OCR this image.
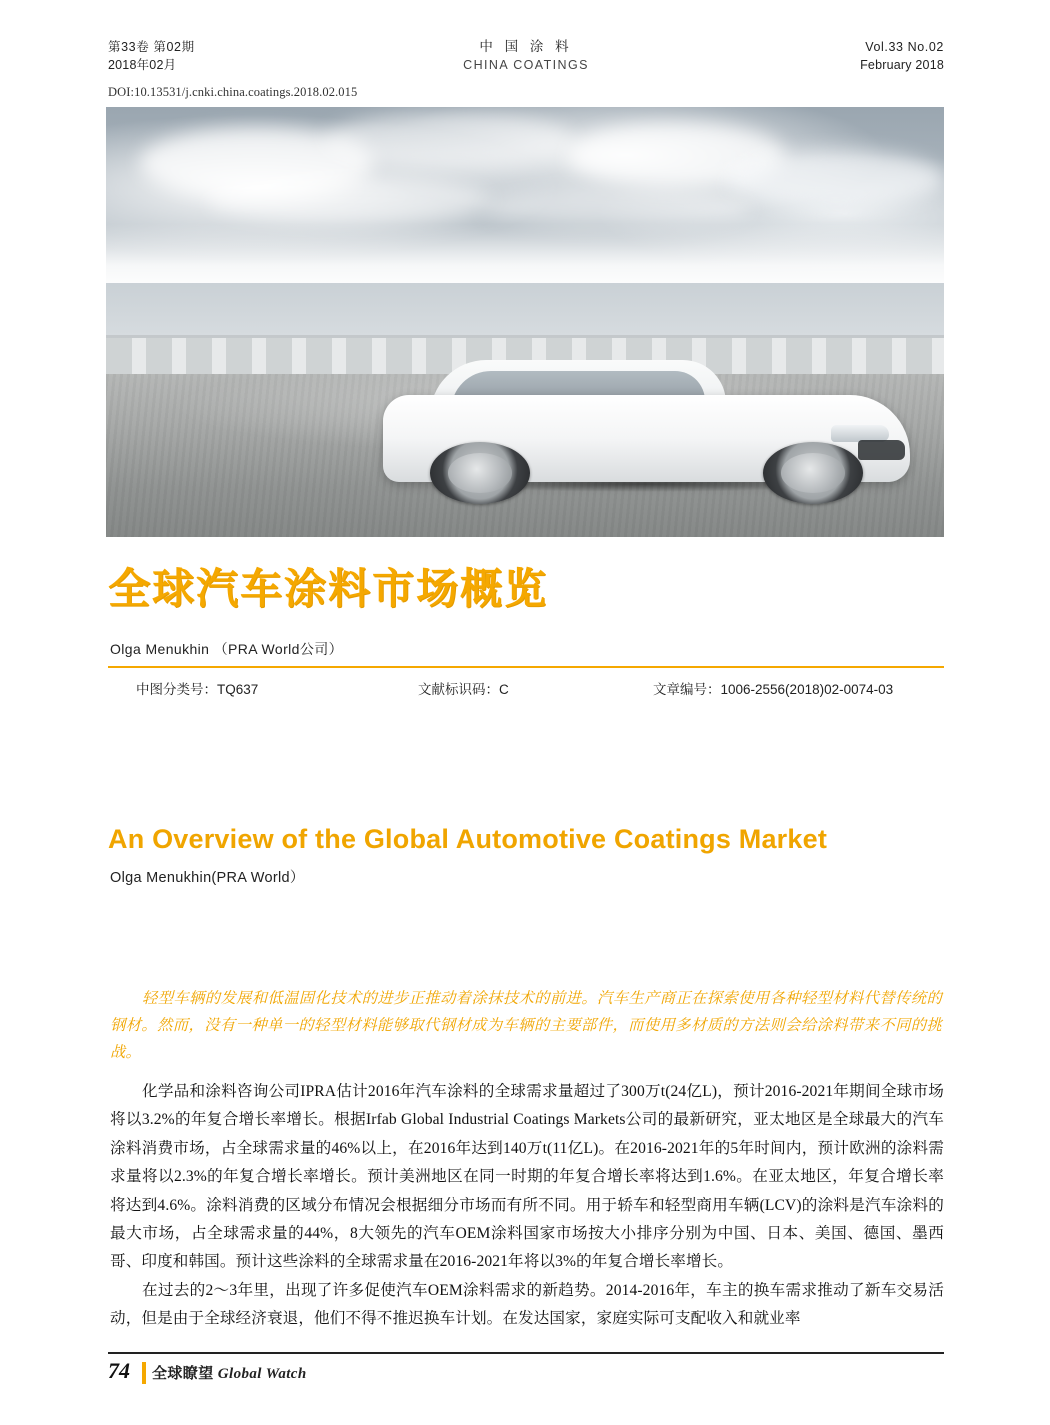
第33卷 第02期
2018年02月
中 国 涂 料
CHINA COATINGS
Vol.33 No.02
February 2018
DOI:10.13531/j.cnki.china.coatings.2018.02.015
全球汽车涂料市场概览
Olga Menukhin （PRA World公司）
中图分类号：TQ637	文献标识码：C	文章编号：1006-2556(2018)02-0074-03
An Overview of the Global Automotive Coatings Market
Olga Menukhin(PRA World）
轻型车辆的发展和低温固化技术的进步正推动着涂抹技术的前进。汽车生产商正在探索使用各种轻型材料代替传统的钢材。然而，没有一种单一的轻型材料能够取代钢材成为车辆的主要部件，而使用多材质的方法则会给涂料带来不同的挑战。

化学品和涂料咨询公司IPRA估计2016年汽车涂料的全球需求量超过了300万t(24亿L)，预计2016-2021年期间全球市场将以3.2%的年复合增长率增长。根据Irfab Global Industrial Coatings Markets公司的最新研究，亚太地区是全球最大的汽车涂料消费市场，占全球需求量的46%以上，在2016年达到140万t(11亿L)。在2016-2021年的5年时间内，预计欧洲的涂料需求量将以2.3%的年复合增长率增长。预计美洲地区在同一时期的年复合增长率将达到1.6%。在亚太地区，年复合增长率将达到4.6%。涂料消费的区域分布情况会根据细分市场而有所不同。用于轿车和轻型商用车辆(LCV)的涂料是汽车涂料的最大市场，占全球需求量的44%，8大领先的汽车OEM涂料国家市场按大小排序分别为中国、日本、美国、德国、墨西哥、印度和韩国。预计这些涂料的全球需求量在2016-2021年将以3%的年复合增长率增长。

在过去的2～3年里，出现了许多促使汽车OEM涂料需求的新趋势。2014-2016年，车主的换车需求推动了新车交易活动，但是由于全球经济衰退，他们不得不推迟换车计划。在发达国家，家庭实际可支配收入和就业率

74 全球瞭望 Global Watch
